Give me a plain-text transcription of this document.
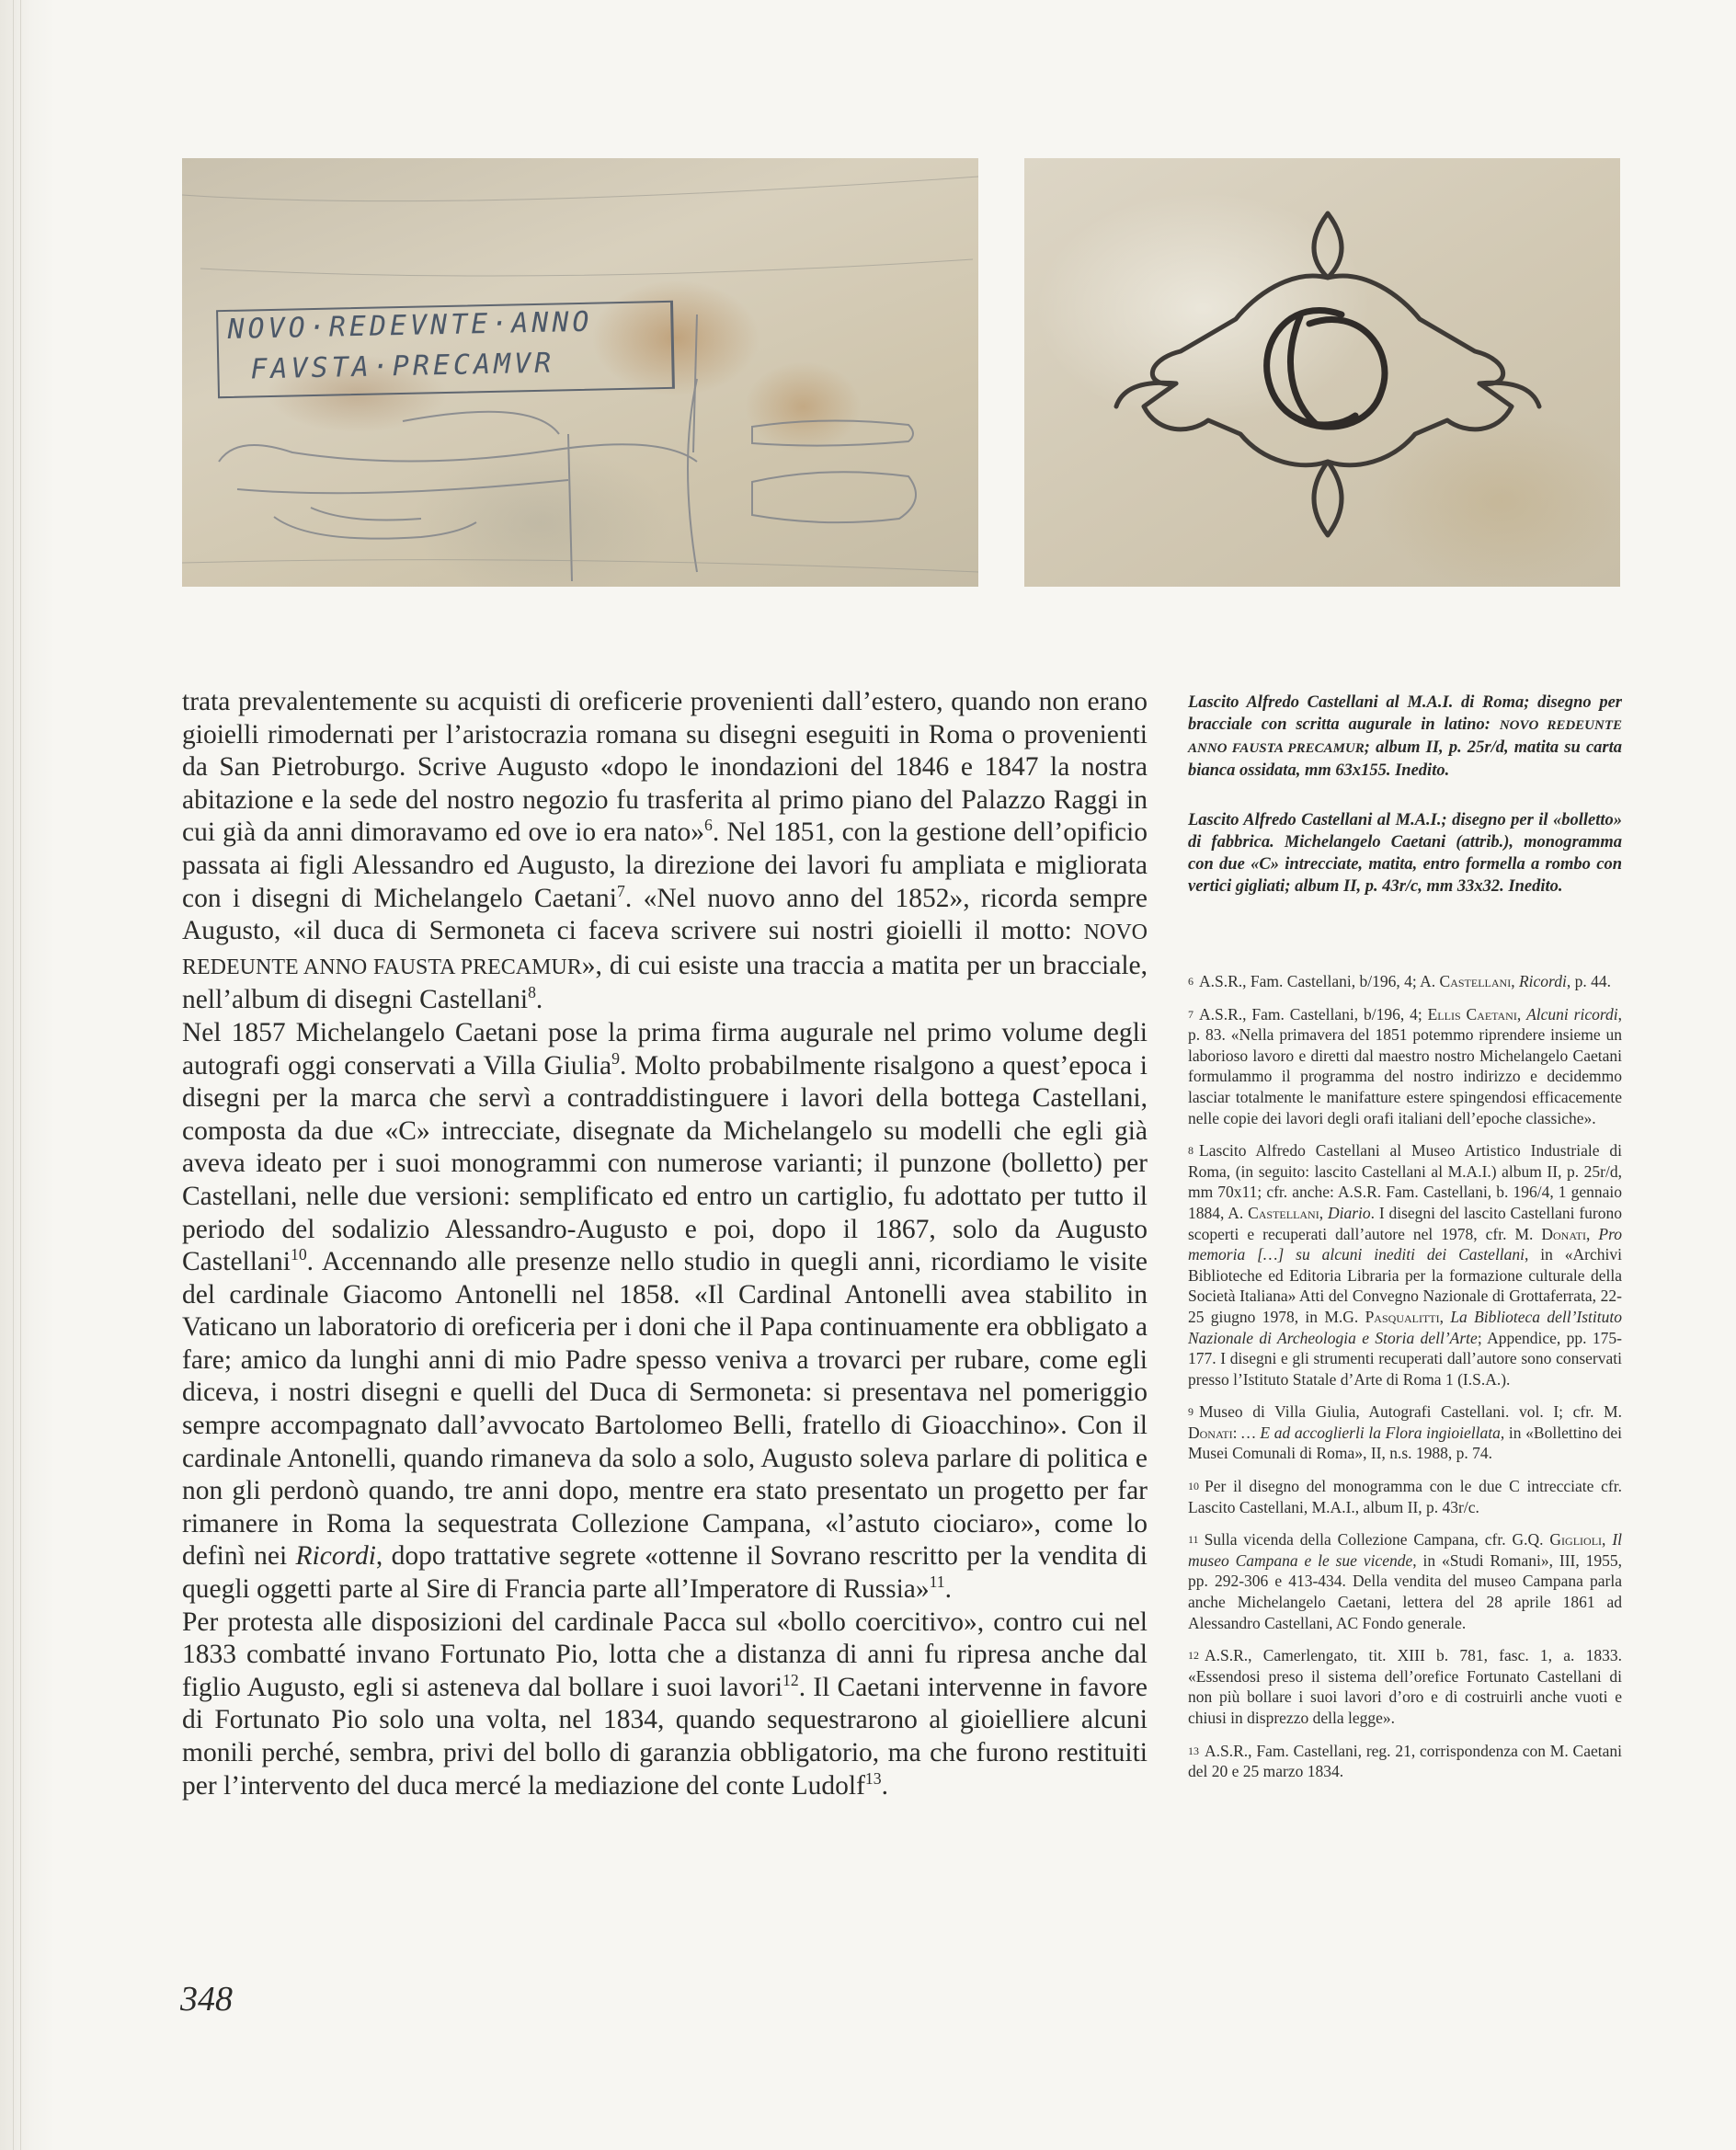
NOVO·REDEVNTE·ANNO
FAVSTA·PRECAMVR

trata prevalentemente su acquisti di oreficerie provenienti dall’estero, quando non erano gioielli rimodernati per l’aristocrazia romana su disegni eseguiti in Roma o provenienti da San Pietroburgo. Scrive Augusto «dopo le inondazioni del 1846 e 1847 la nostra abitazione e la sede del nostro negozio fu trasferita al primo piano del Palazzo Raggi in cui già da anni dimoravamo ed ove io era nato»$^6$. Nel 1851, con la gestione dell’opificio passata ai figli Alessandro ed Augusto, la direzione dei lavori fu ampliata e migliorata con i disegni di Michelangelo Caetani$^7$. «Nel nuovo anno del 1852», ricorda sempre Augusto, «il duca di Sermoneta ci faceva scrivere sui nostri gioielli il motto: NOVO REDEUNTE ANNO FAUSTA PRECAMUR», di cui esiste una traccia a matita per un bracciale, nell’album di disegni Castellani$^8$.

Nel 1857 Michelangelo Caetani pose la prima firma augurale nel primo volume degli autografi oggi conservati a Villa Giulia$^9$. Molto probabilmente risalgono a quest’epoca i disegni per la marca che servì a contraddistinguere i lavori della bottega Castellani, composta da due «C» intrecciate, disegnate da Michelangelo su modelli che egli già aveva ideato per i suoi monogrammi con numerose varianti; il punzone (bolletto) per Castellani, nelle due versioni: semplificato ed entro un cartiglio, fu adottato per tutto il periodo del sodalizio Alessandro-Augusto e poi, dopo il 1867, solo da Augusto Castellani$^{10}$. Accennando alle presenze nello studio in quegli anni, ricordiamo le visite del cardinale Giacomo Antonelli nel 1858. «Il Cardinal Antonelli avea stabilito in Vaticano un laboratorio di oreficeria per i doni che il Papa continuamente era obbligato a fare; amico da lunghi anni di mio Padre spesso veniva a trovarci per rubare, come egli diceva, i nostri disegni e quelli del Duca di Sermoneta: si presentava nel pomeriggio sempre accompagnato dall’avvocato Bartolomeo Belli, fratello di Gioacchino». Con il cardinale Antonelli, quando rimaneva da solo a solo, Augusto soleva parlare di politica e non gli perdonò quando, tre anni dopo, mentre era stato presentato un progetto per far rimanere in Roma la sequestrata Collezione Campana, «l’astuto ciociaro», come lo definì nei Ricordi, dopo trattative segrete «ottenne il Sovrano rescritto per la vendita di quegli oggetti parte al Sire di Francia parte all’Imperatore di Russia»$^{11}$.

Per protesta alle disposizioni del cardinale Pacca sul «bollo coercitivo», contro cui nel 1833 combatté invano Fortunato Pio, lotta che a distanza di anni fu ripresa anche dal figlio Augusto, egli si asteneva dal bollare i suoi lavori$^{12}$. Il Caetani intervenne in favore di Fortunato Pio solo una volta, nel 1834, quando sequestrarono al gioielliere alcuni monili perché, sembra, privi del bollo di garanzia obbligatorio, ma che furono restituiti per l’intervento del duca mercé la mediazione del conte Ludolf$^{13}$.

Lascito Alfredo Castellani al M.A.I. di Roma; disegno per bracciale con scritta augurale in latino: NOVO REDEUNTE ANNO FAUSTA PRECAMUR; album II, p. 25r/d, matita su carta bianca ossidata, mm 63x155. Inedito.

Lascito Alfredo Castellani al M.A.I.; disegno per il «bolletto» di fabbrica. Michelangelo Caetani (attrib.), monogramma con due «C» intrecciate, matita, entro formella a rombo con vertici gigliati; album II, p. 43r/c, mm 33x32. Inedito.

$^6$ A.S.R., Fam. Castellani, b/196, 4; A. Castellani, Ricordi, p. 44.

$^7$ A.S.R., Fam. Castellani, b/196, 4; Ellis Caetani, Alcuni ricordi, p. 83. «Nella primavera del 1851 potemmo riprendere insieme un laborioso lavoro e diretti dal maestro nostro Michelangelo Caetani formulammo il programma del nostro indirizzo e decidemmo lasciar totalmente le manifatture estere spingendosi efficacemente nelle copie dei lavori degli orafi italiani dell’epoche classiche».

$^8$ Lascito Alfredo Castellani al Museo Artistico Industriale di Roma, (in seguito: lascito Castellani al M.A.I.) album II, p. 25r/d, mm 70x11; cfr. anche: A.S.R. Fam. Castellani, b. 196/4, 1 gennaio 1884, A. Castellani, Diario. I disegni del lascito Castellani furono scoperti e recuperati dall’autore nel 1978, cfr. M. Donati, Pro memoria […] su alcuni inediti dei Castellani, in «Archivi Biblioteche ed Editoria Libraria per la formazione culturale della Società Italiana» Atti del Convegno Nazionale di Grottaferrata, 22-25 giugno 1978, in M.G. Pasqualitti, La Biblioteca dell’Istituto Nazionale di Archeologia e Storia dell’Arte; Appendice, pp. 175-177. I disegni e gli strumenti recuperati dall’autore sono conservati presso l’Istituto Statale d’Arte di Roma 1 (I.S.A.).

$^9$ Museo di Villa Giulia, Autografi Castellani. vol. I; cfr. M. Donati: … E ad accoglierli la Flora ingioiellata, in «Bollettino dei Musei Comunali di Roma», II, n.s. 1988, p. 74.

$^{10}$ Per il disegno del monogramma con le due C intrecciate cfr. Lascito Castellani, M.A.I., album II, p. 43r/c.

$^{11}$ Sulla vicenda della Collezione Campana, cfr. G.Q. Giglioli, Il museo Campana e le sue vicende, in «Studi Romani», III, 1955, pp. 292-306 e 413-434. Della vendita del museo Campana parla anche Michelangelo Caetani, lettera del 28 aprile 1861 ad Alessandro Castellani, AC Fondo generale.

$^{12}$ A.S.R., Camerlengato, tit. XIII b. 781, fasc. 1, a. 1833. «Essendosi preso il sistema dell’orefice Fortunato Castellani di non più bollare i suoi lavori d’oro e di costruirli anche vuoti e chiusi in disprezzo della legge».

$^{13}$ A.S.R., Fam. Castellani, reg. 21, corrispondenza con M. Caetani del 20 e 25 marzo 1834.

348
